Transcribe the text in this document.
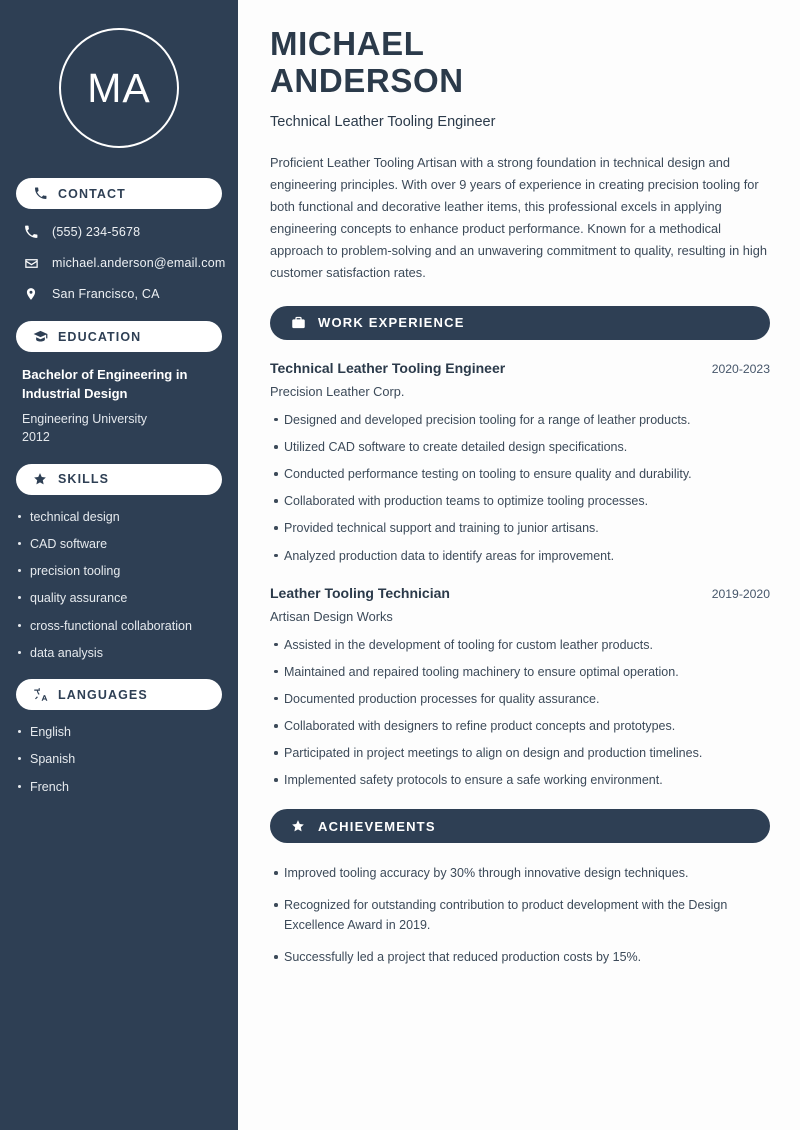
MA
CONTACT
(555) 234-5678
michael.anderson@email.com
San Francisco, CA
EDUCATION
Bachelor of Engineering in Industrial Design
Engineering University
2012
SKILLS
technical design
CAD software
precision tooling
quality assurance
cross-functional collaboration
data analysis
LANGUAGES
English
Spanish
French
MICHAEL
ANDERSON
Technical Leather Tooling Engineer
Proficient Leather Tooling Artisan with a strong foundation in technical design and engineering principles. With over 9 years of experience in creating precision tooling for both functional and decorative leather items, this professional excels in applying engineering concepts to enhance product performance. Known for a methodical approach to problem-solving and an unwavering commitment to quality, resulting in high customer satisfaction rates.
WORK EXPERIENCE
Technical Leather Tooling Engineer	2020-2023
Precision Leather Corp.
Designed and developed precision tooling for a range of leather products.
Utilized CAD software to create detailed design specifications.
Conducted performance testing on tooling to ensure quality and durability.
Collaborated with production teams to optimize tooling processes.
Provided technical support and training to junior artisans.
Analyzed production data to identify areas for improvement.
Leather Tooling Technician	2019-2020
Artisan Design Works
Assisted in the development of tooling for custom leather products.
Maintained and repaired tooling machinery to ensure optimal operation.
Documented production processes for quality assurance.
Collaborated with designers to refine product concepts and prototypes.
Participated in project meetings to align on design and production timelines.
Implemented safety protocols to ensure a safe working environment.
ACHIEVEMENTS
Improved tooling accuracy by 30% through innovative design techniques.
Recognized for outstanding contribution to product development with the Design Excellence Award in 2019.
Successfully led a project that reduced production costs by 15%.
